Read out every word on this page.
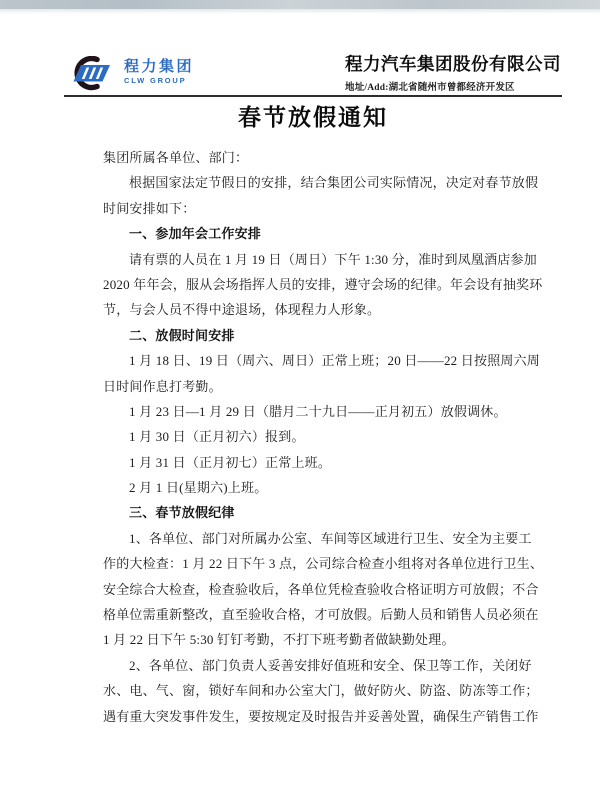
程力集团
CLW GROUP
程力汽车集团股份有限公司
地址/Add:湖北省随州市曾都经济开发区
春节放假通知
集团所属各单位、部门：
根据国家法定节假日的安排，结合集团公司实际情况，决定对春节放假
时间安排如下：
一、参加年会工作安排
请有票的人员在 1 月 19 日（周日）下午 1:30 分，准时到凤凰酒店参加
2020 年年会，服从会场指挥人员的安排，遵守会场的纪律。年会设有抽奖环
节，与会人员不得中途退场，体现程力人形象。
二、放假时间安排
1 月 18 日、19 日（周六、周日）正常上班；20 日——22 日按照周六周
日时间作息打考勤。
1 月 23 日—1 月 29 日（腊月二十九日——正月初五）放假调休。
1 月 30 日（正月初六）报到。
1 月 31 日（正月初七）正常上班。
2 月 1 日(星期六)上班。
三、春节放假纪律
1、各单位、部门对所属办公室、车间等区域进行卫生、安全为主要工
作的大检查：1 月 22 日下午 3 点，公司综合检查小组将对各单位进行卫生、
安全综合大检查，检查验收后，各单位凭检查验收合格证明方可放假；不合
格单位需重新整改，直至验收合格，才可放假。后勤人员和销售人员必须在
1 月 22 日下午 5:30 钉钉考勤，不打下班考勤者做缺勤处理。
2、各单位、部门负责人妥善安排好值班和安全、保卫等工作，关闭好
水、电、气、窗，锁好车间和办公室大门，做好防火、防盗、防冻等工作；
遇有重大突发事件发生，要按规定及时报告并妥善处置，确保生产销售工作
